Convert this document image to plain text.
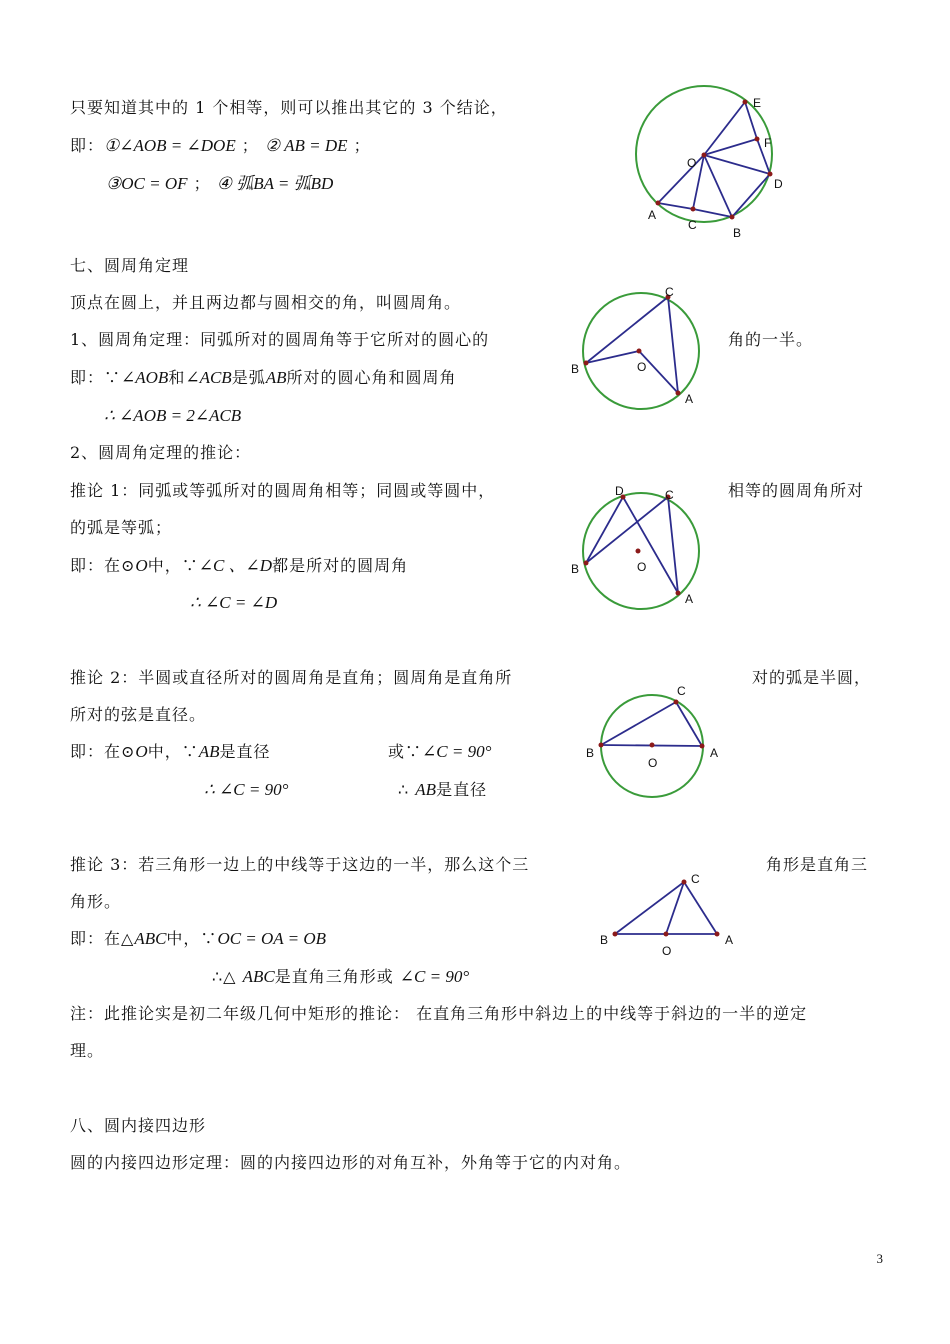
只要知道其中的 1 个相等，则可以推出其它的 3 个结论，
即：①∠AOB = ∠DOE ； ② AB = DE ；
③OC = OF ； ④ 弧BA = 弧BD
E
F
O
D
A
C
B
七、圆周角定理
顶点在圆上，并且两边都与圆相交的角，叫圆周角。
1、圆周角定理：同弧所对的圆周角等于它所对的圆心的	角的一半。
即：∵∠AOB和∠ACB是弧AB所对的圆心角和圆周角
∴ ∠AOB = 2∠ACB
2、圆周角定理的推论：
C
B	O
A
推论 1：同弧或等弧所对的圆周角相等；同圆或等圆中，	相等的圆周角所对
的弧是等弧；
即：在⊙O中，∵∠C 、∠D都是所对的圆周角
∴ ∠C = ∠D
D	C
B	O
A
推论 2：半圆或直径所对的圆周角是直角；圆周角是直角所	对的弧是半圆，
所对的弦是直径。
即：在⊙O中，∵AB是直径	或∵∠C = 90°
∴ ∠C = 90°	∴ AB是直径
C
B	A
O
推论 3：若三角形一边上的中线等于这边的一半，那么这个三	角形是直角三
角形。
即：在△ABC中，∵OC = OA = OB
∴△ ABC是直角三角形或 ∠C = 90°
C
B	A
O
注：此推论实是初二年级几何中矩形的推论： 在直角三角形中斜边上的中线等于斜边的一半的逆定
理。
八、圆内接四边形
圆的内接四边形定理：圆的内接四边形的对角互补，外角等于它的内对角。
3
